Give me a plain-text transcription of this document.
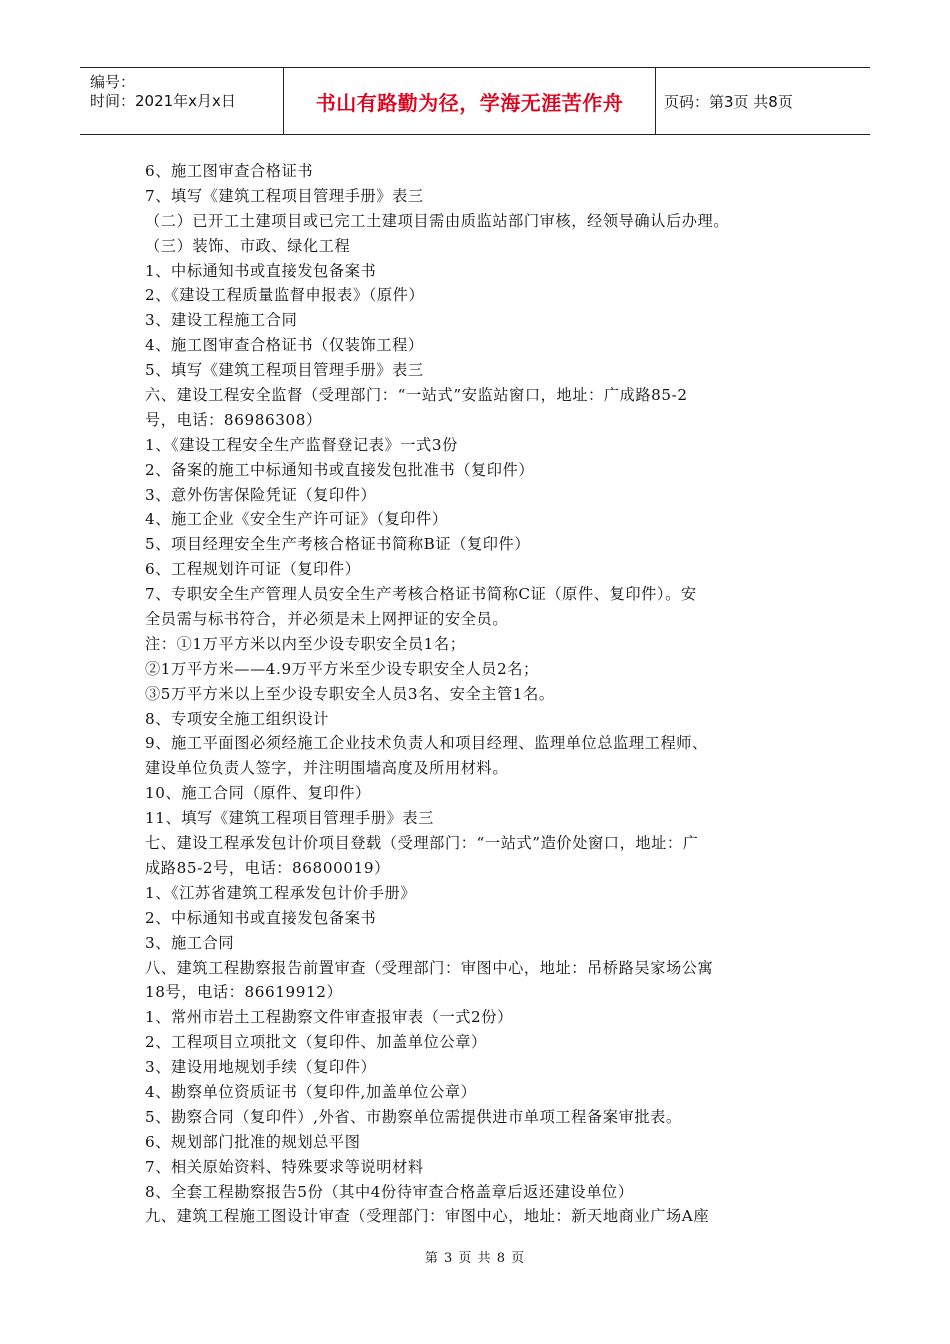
编号：
时间：2021年x月x日	书山有路勤为径，学海无涯苦作舟	页码：第3页 共8页
6、施工图审查合格证书
7、填写《建筑工程项目管理手册》表三
（二）已开工土建项目或已完工土建项目需由质监站部门审核，经领导确认后办理。
（三）装饰、市政、绿化工程
1、中标通知书或直接发包备案书
2、《建设工程质量监督申报表》（原件）
3、建设工程施工合同
4、施工图审查合格证书（仅装饰工程）
5、填写《建筑工程项目管理手册》表三
六、建设工程安全监督（受理部门：“一站式”安监站窗口，地址：广成路85-2
号，电话：86986308）
1、《建设工程安全生产监督登记表》一式3份
2、备案的施工中标通知书或直接发包批准书（复印件）
3、意外伤害保险凭证（复印件）
4、施工企业《安全生产许可证》（复印件）
5、项目经理安全生产考核合格证书简称B证（复印件）
6、工程规划许可证（复印件）
7、专职安全生产管理人员安全生产考核合格证书简称C证（原件、复印件）。安
全员需与标书符合，并必须是未上网押证的安全员。
注：①1万平方米以内至少设专职安全员1名；
②1万平方米——4.9万平方米至少设专职安全人员2名；
③5万平方米以上至少设专职安全人员3名、安全主管1名。
8、专项安全施工组织设计
9、施工平面图必须经施工企业技术负责人和项目经理、监理单位总监理工程师、
建设单位负责人签字，并注明围墙高度及所用材料。
10、施工合同（原件、复印件）
11、填写《建筑工程项目管理手册》表三
七、建设工程承发包计价项目登载（受理部门：“一站式”造价处窗口，地址：广
成路85-2号，电话：86800019）
1、《江苏省建筑工程承发包计价手册》
2、中标通知书或直接发包备案书
3、施工合同
八、建筑工程勘察报告前置审查（受理部门：审图中心，地址：吊桥路吴家场公寓
18号，电话：86619912）
1、常州市岩土工程勘察文件审查报审表（一式2份）
2、工程项目立项批文（复印件、加盖单位公章）
3、建设用地规划手续（复印件）
4、勘察单位资质证书（复印件,加盖单位公章）
5、勘察合同（复印件）,外省、市勘察单位需提供进市单项工程备案审批表。
6、规划部门批准的规划总平图
7、相关原始资料、特殊要求等说明材料
8、全套工程勘察报告5份（其中4份待审查合格盖章后返还建设单位）
九、建筑工程施工图设计审查（受理部门：审图中心，地址：新天地商业广场A座
第 3 页 共 8 页
